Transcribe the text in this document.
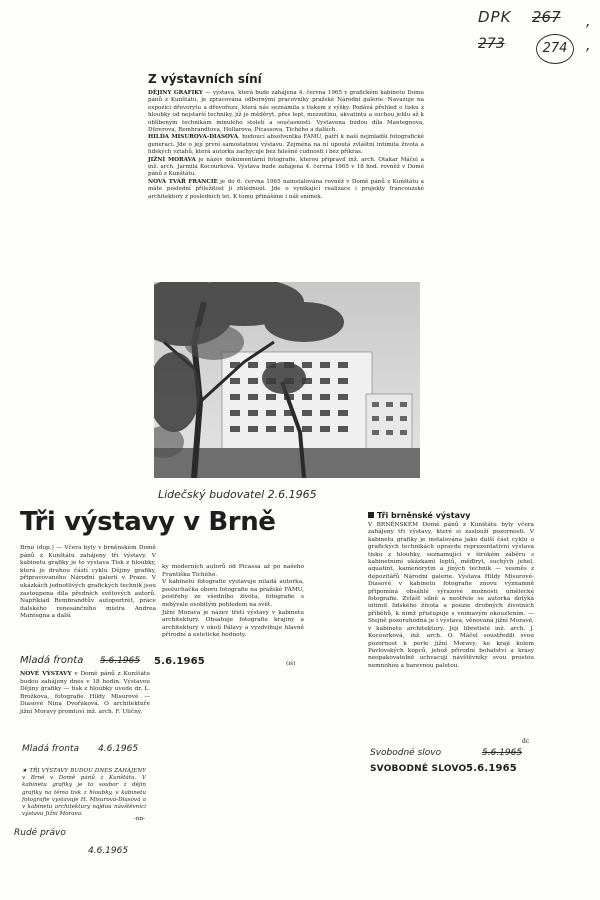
DPK 267
273	274
,
,
Z výstavních síní

DĚJINY GRAFIKY — výstava, která bude zahájena 4. června 1965 v grafickém kabinetu Domu pánů z Kunštátu, je zpracována odbornými pracovníky pražské Národní galerie. Navazuje na expozici dřevorytu a dřevořezu, která nás seznámila s tiskem z výšky. Podává přehled o tisku z hloubky od nejstarší techniky, jíž je měděryt, přes lept, mezzotinu, akvatintu a suchou jehlu až k oblíbeným technikám minulého století a současnosti. Vystavena budou díla Mantegnova, Dürerova, Rembrandtova, Hollarova, Picassova, Tichého a dalších.

HILDA MISUROVÁ-DIASOVÁ, budoucí absolventka FAMU, patří k naší nejmladší fotografické generaci. Jde o její první samostatnou výstavu. Zejména na ní upoutá zvláštní intimita života a lidských vztahů, která autorka zachycuje bez falešné cudnosti i bez příkras.

JIŽNÍ MORAVA je název dokumentární fotografie, kterou připravil inž. arch. Otakar Máčel a inž. arch. Jarmila Kocourková. Výstava bude zahájena 4. června 1965 v 18 hod. rovněž v Domě pánů z Kunštátu.

NOVÁ TVÁŘ FRANCIE je do 6. června 1965 nainstalována rovněž v Domě pánů z Kunštátu a máte poslední příležitost ji zhlédnout. Jde o vynikající realizace i projekty francouzské architektury z posledních let. K tomu přinášíme i náš snímek.

Lidečský budovatel 2.6.1965
Tři výstavy v Brně

Brno (dop.) — Včera byly v brněnském Domě pánů z Kunštátu zahájeny tři výstavy. V kabinetu grafiky je to výstava Tisk z hloubky, která je druhou částí cyklu Dějiny grafiky, připravovaného Národní galerií v Praze. V ukázkách jednotlivých grafických technik jsou zastoupena díla předních světových autorů. Například Rembrandtův autoportrét, práce italského renesančního mistra Andrea Mantegna a další

ky moderních autorů od Picassa až po našeho Františka Tichého.
V kabinetu fotografie vystavuje mladá autorka, posluchačka oboru fotografie na pražské FAMU, postřehy ze všedního života, fotografie s nebývale osobitým pohledem na svět.
Jižní Morava je název třetí výstavy v kabinetu architektury. Obsahuje fotografie krajiny a architektury v okolí Pálavy a vyzdvihuje hlavně přírodní a estetické hodnoty.

(iš)
Mladá fronta 5.6.1965 5.6.1965

NOVÉ VÝSTAVY v Domě pánů z Kunštátu budou zahájeny dnes v 18 hodin. Výstavou Dějiny grafiky — tisk z hloubky uvede dr. L. Brožková, fotografie Hildy Misurové — Diasové Nina Dvořáková. O architektuře jižní Moravy promluví inž. arch. F. Uličný.

Mladá fronta 4.6.1965

★ TŘI VÝSTAVY BUDOU DNES ZAHÁJENY v Brně v Domě pánů z Kunštátu. V kabinetu grafiky je to soubor z dějin grafiky na téma tisk z hloubky, v kabinetu fotografie vystavuje H. Misurová-Diasová a v kabinetu architektury najdou návštěvníci výstavu Jižní Morava.

-nn-
Rudé právo
4.6.1965
Tři brněnské výstavy

V BRNĚNSKÉM Domě pánů z Kunštátu byly včera zahájeny tři výstavy, které si zaslouží pozornosti. V kabinetu grafiky je instalována jako další část cyklu o grafických technikách opravdu reprezentativní výstava tisku z hloubky, seznamující v širokém záběru s kabinetními ukázkami leptů, měďiryt, suchých jehel, aquatint, kamenorytin a jiných technik — vesměs z depozitářů Národní galerie. Výstava Hildy Misurové-Diasové v kabinetu fotografie znovu významně připomíná obsáhlé výrazové možnosti umělecké fotografie. Zvlášť silně a neotřele se autorka dotýká intimit lidského života a poezie drobných životních příběhů, k nimž přistupuje s vnímavým okouzlením. — Stejně pozoruhodná je i výstava, věnovaná jižní Moravě, v kabinetu architektury. Její libretisté inž. arch. J. Kocourková, inž. arch. O. Máčel soustředili svou pozornost k perle jižní Moravy, ke kraji kolem Pavlovských kopců, jehož přírodní bohatství a krásy neopakovatelně uchvacují návštěvníky svou prostou nemnohou a barevnou paletou.

dc
Svobodné slovo	5.6.1965
SVOBODNÉ SLOVO 5.6.1965
